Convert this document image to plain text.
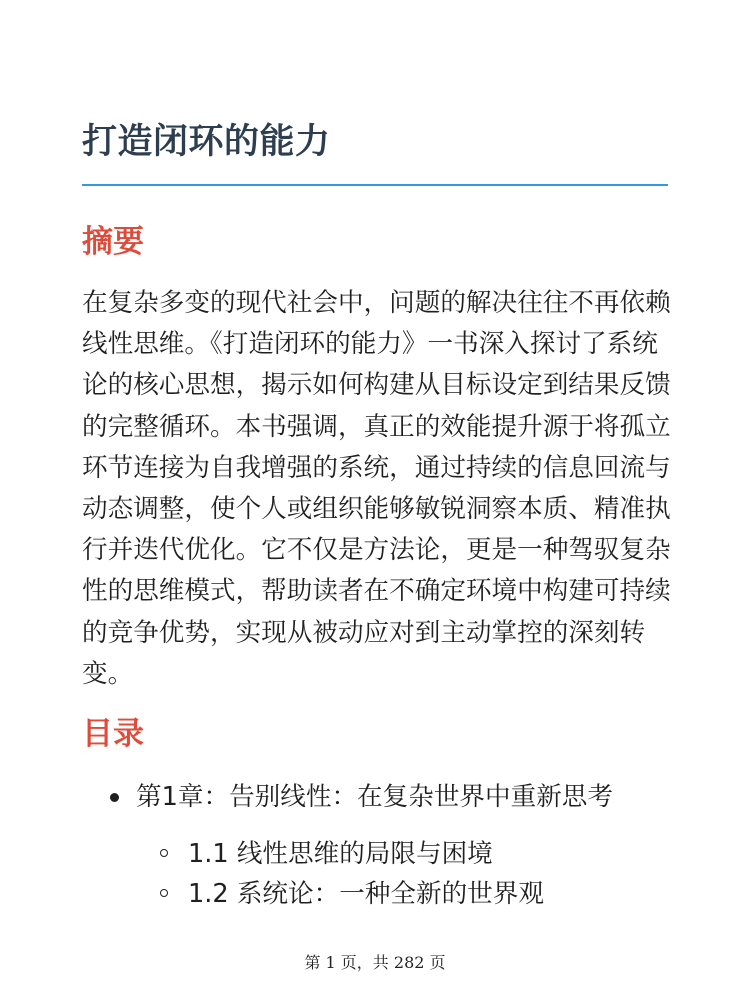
打造闭环的能力
摘要

在复杂多变的现代社会中，问题的解决往往不再依赖线性思维。《打造闭环的能力》一书深入探讨了系统论的核心思想，揭示如何构建从目标设定到结果反馈的完整循环。本书强调，真正的效能提升源于将孤立环节连接为自我增强的系统，通过持续的信息回流与动态调整，使个人或组织能够敏锐洞察本质、精准执行并迭代优化。它不仅是方法论，更是一种驾驭复杂性的思维模式，帮助读者在不确定环境中构建可持续的竞争优势，实现从被动应对到主动掌控的深刻转变。

目录
第1章：告别线性：在复杂世界中重新思考
1.1 线性思维的局限与困境
1.2 系统论：一种全新的世界观
第 1 页，共 282 页
